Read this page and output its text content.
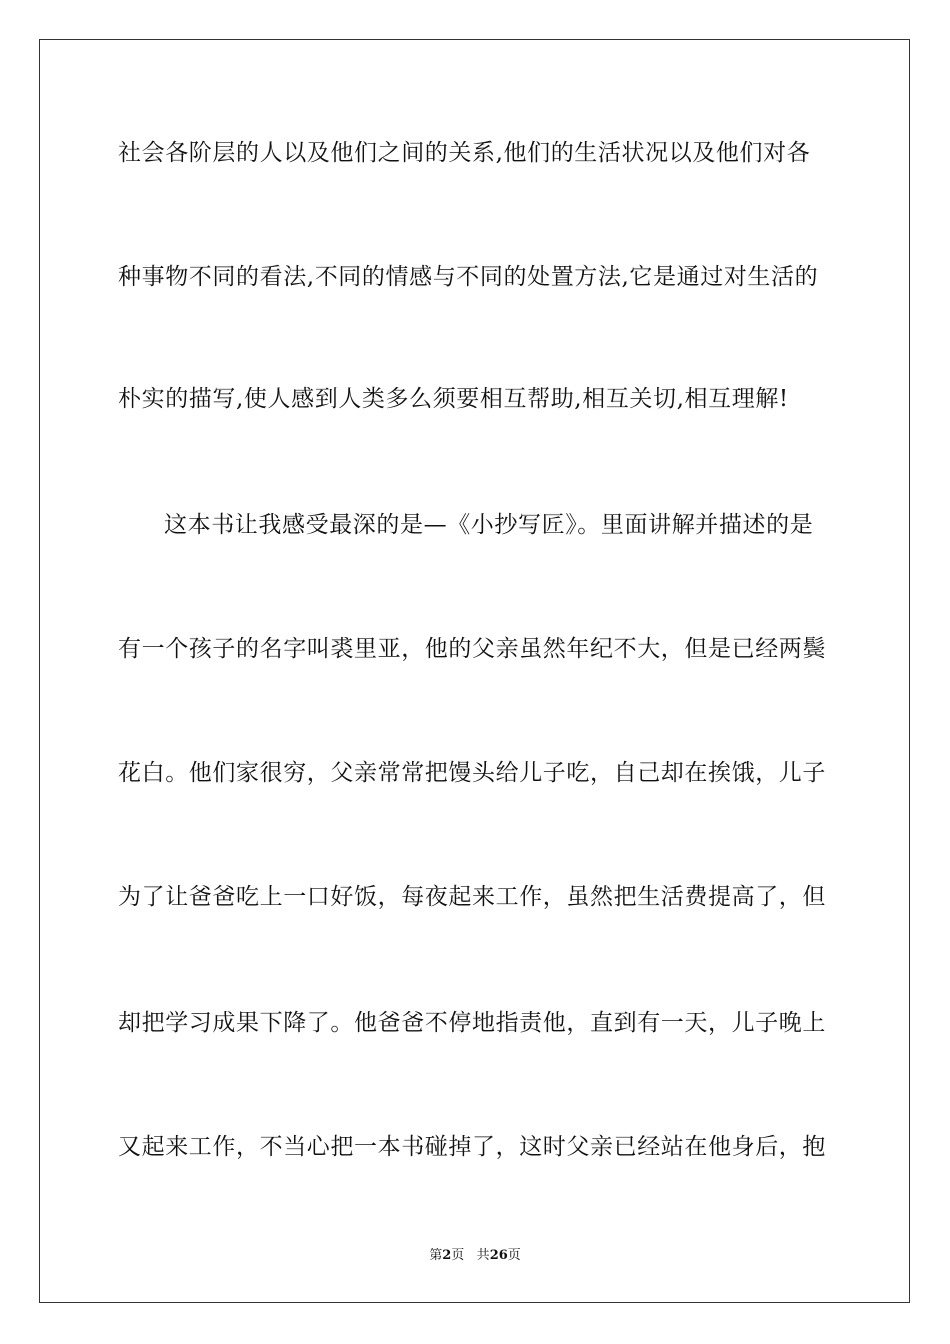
社会各阶层的人以及他们之间的关系,他们的生活状况以及他们对各
种事物不同的看法,不同的情感与不同的处置方法,它是通过对生活的
朴实的描写,使人感到人类多么须要相互帮助,相互关切,相互理解!
这本书让我感受最深的是—《小抄写匠》。里面讲解并描述的是
有一个孩子的名字叫裘里亚，他的父亲虽然年纪不大，但是已经两鬓
花白。他们家很穷，父亲常常把馒头给儿子吃，自己却在挨饿，儿子
为了让爸爸吃上一口好饭，每夜起来工作，虽然把生活费提高了，但
却把学习成果下降了。他爸爸不停地指责他，直到有一天，儿子晚上
又起来工作，不当心把一本书碰掉了，这时父亲已经站在他身后，抱
第2页 共26页
